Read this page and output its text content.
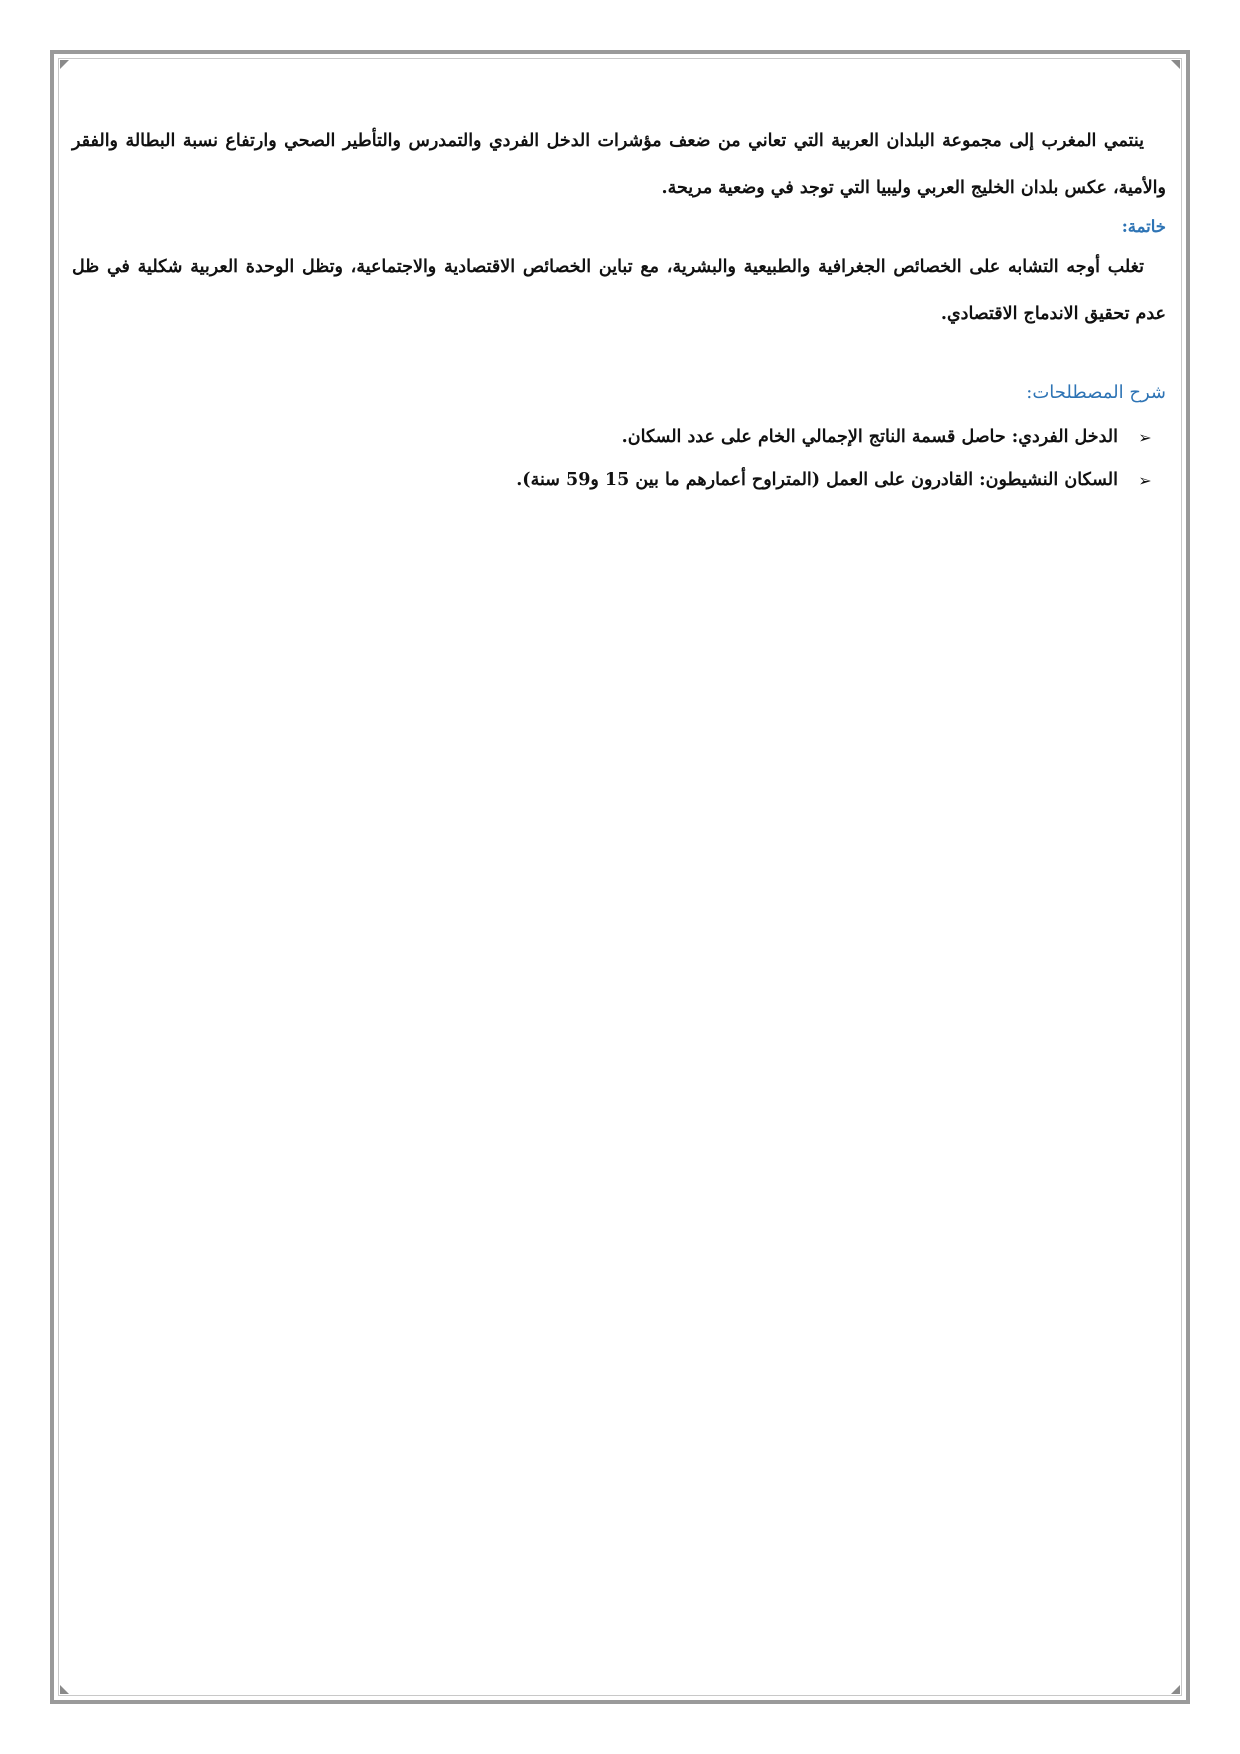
ينتمي المغرب إلى مجموعة البلدان العربية التي تعاني من ضعف مؤشرات الدخل الفردي والتمدرس والتأطير الصحي وارتفاع نسبة البطالة والفقر والأمية، عكس بلدان الخليج العربي وليبيا التي توجد في وضعية مريحة.

خاتمة:

تغلب أوجه التشابه على الخصائص الجغرافية والطبيعية والبشرية، مع تباين الخصائص الاقتصادية والاجتماعية، وتظل الوحدة العربية شكلية في ظل عدم تحقيق الاندماج الاقتصادي.

شرح المصطلحات:
➢
الدخل الفردي: حاصل قسمة الناتج الإجمالي الخام على عدد السكان.
➢
السكان النشيطون: القادرون على العمل (المتراوح أعمارهم ما بين 15 و59 سنة).
